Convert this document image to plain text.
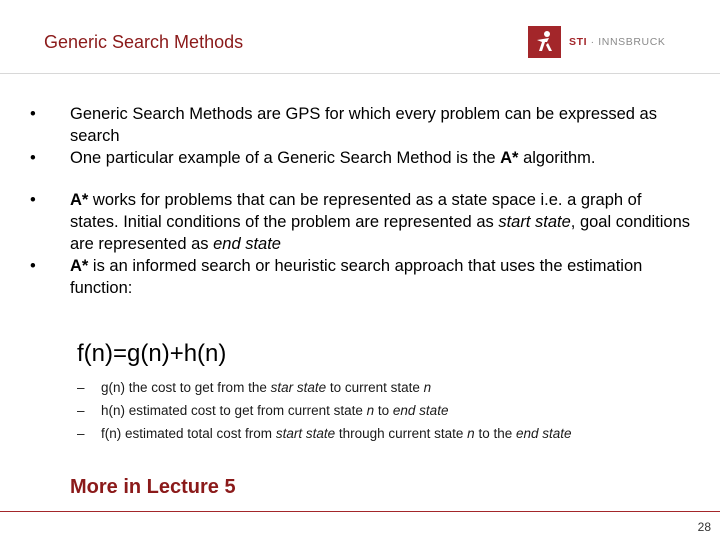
Generic Search Methods	STI · INNSBRUCK
• Generic Search Methods are GPS for which every problem can be expressed as search
• One particular example of a Generic Search Method is the A* algorithm.
• A* works for problems that can be represented as a state space i.e. a graph of states. Initial conditions of the problem are represented as start state, goal conditions are represented as end state
• A* is an informed search or heuristic search approach that uses the estimation function:
f(n)=g(n)+h(n)
– g(n) the cost to get from the star state to current state n
– h(n) estimated cost to get from current state n to end state
– f(n) estimated total cost from start state through current state n to the end state
More in Lecture 5
28
